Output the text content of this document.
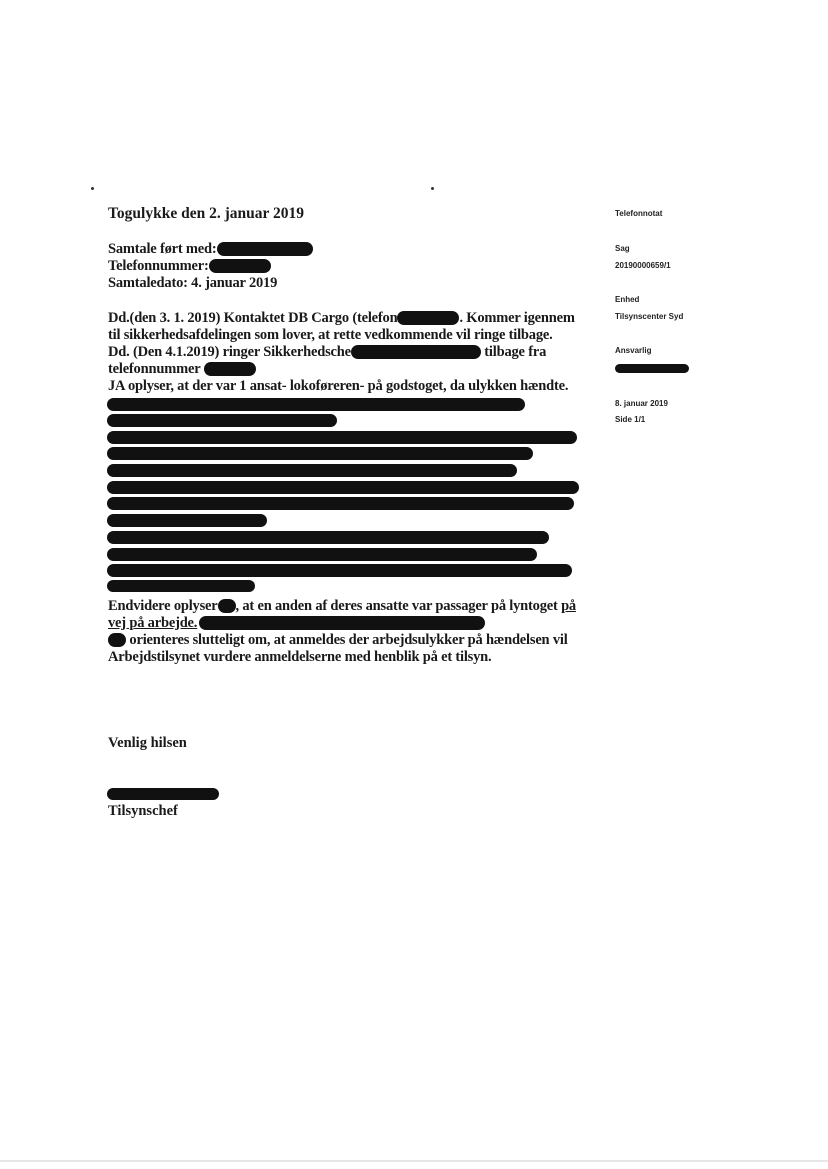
Togulykke den 2. januar 2019
Samtale ført med:
Telefonnummer:
Samtaledato: 4. januar 2019
Dd.(den 3. 1. 2019) Kontaktet DB Cargo (telefon	. Kommer igennem
til sikkerhedsafdelingen som lover, at rette vedkommende vil ringe tilbage.
Dd. (Den 4.1.2019) ringer Sikkerhedsche	tilbage fra
telefonnummer
JA oplyser, at der var 1 ansat- lokoføreren- på godstoget, da ulykken hændte.
Endvidere oplyser , at en anden af deres ansatte var passager på lyntoget på
vej på arbejde.
orienteres slutteligt om, at anmeldes der arbejdsulykker på hændelsen vil
Arbejdstilsynet vurdere anmeldelserne med henblik på et tilsyn.
Venlig hilsen
Tilsynschef
Telefonnotat
Sag
20190000659/1
Enhed
Tilsynscenter Syd
Ansvarlig
8. januar 2019
Side 1/1
